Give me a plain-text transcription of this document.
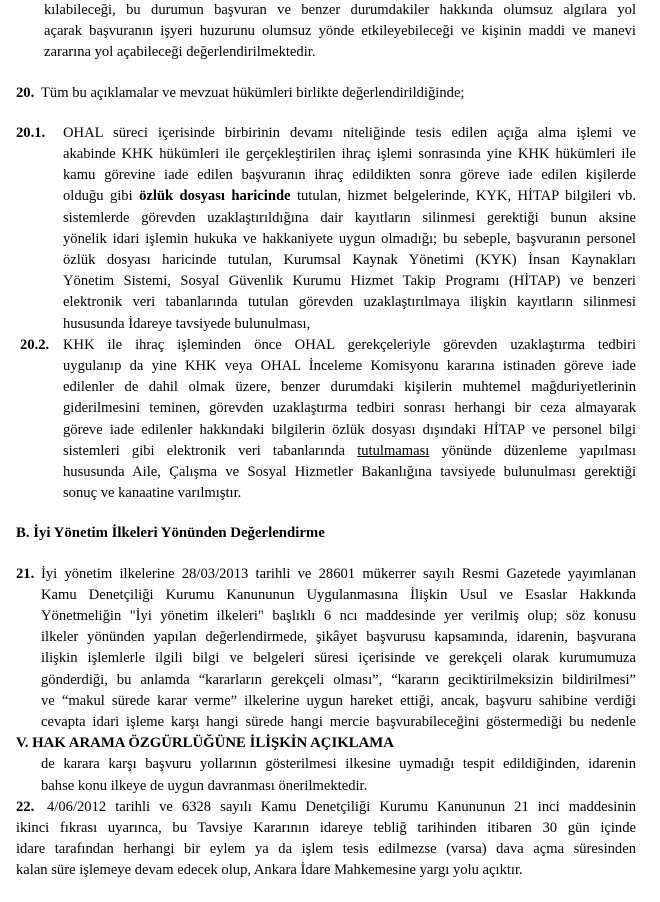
kılabileceği, bu durumun başvuran ve benzer durumdakiler hakkında olumsuz algılara yol

açarak başvuranın işyeri huzurunu olumsuz yönde etkileyebileceği ve kişinin maddi ve manevi

zararına yol açabileceği değerlendirilmektedir.

20. Tüm bu açıklamalar ve mevzuat hükümleri birlikte değerlendirildiğinde;

20.1. OHAL süreci içerisinde birbirinin devamı niteliğinde tesis edilen açığa alma işlemi ve

akabinde KHK hükümleri ile gerçekleştirilen ihraç işlemi sonrasında yine KHK hükümleri ile

kamu görevine iade edilen başvuranın ihraç edildikten sonra göreve iade edilen kişilerde

olduğu gibi özlük dosyası haricinde tutulan, hizmet belgelerinde, KYK, HİTAP bilgileri vb.

sistemlerde görevden uzaklaştırıldığına dair kayıtların silinmesi gerektiği bunun aksine

yönelik idari işlemin hukuka ve hakkaniyete uygun olmadığı; bu sebeple, başvuranın personel

özlük dosyası haricinde tutulan, Kurumsal Kaynak Yönetimi (KYK) İnsan Kaynakları

Yönetim Sistemi, Sosyal Güvenlik Kurumu Hizmet Takip Programı (HİTAP) ve benzeri

elektronik veri tabanlarında tutulan görevden uzaklaştırılmaya ilişkin kayıtların silinmesi

hususunda İdareye tavsiyede bulunulması,

20.2. KHK ile ihraç işleminden önce OHAL gerekçeleriyle görevden uzaklaştırma tedbiri

uygulanıp da yine KHK veya OHAL İnceleme Komisyonu kararına istinaden göreve iade

edilenler de dahil olmak üzere, benzer durumdaki kişilerin muhtemel mağduriyetlerinin

giderilmesini teminen, görevden uzaklaştırma tedbiri sonrası herhangi bir ceza almayarak

göreve iade edilenler hakkındaki bilgilerin özlük dosyası dışındaki HİTAP ve personel bilgi

sistemleri gibi elektronik veri tabanlarında tutulmaması yönünde düzenleme yapılması

hususunda Aile, Çalışma ve Sosyal Hizmetler Bakanlığına tavsiyede bulunulması gerektiği

sonuç ve kanaatine varılmıştır.

B. İyi Yönetim İlkeleri Yönünden Değerlendirme

21. İyi yönetim ilkelerine 28/03/2013 tarihli ve 28601 mükerrer sayılı Resmi Gazetede yayımlanan

Kamu Denetçiliği Kurumu Kanununun Uygulanmasına İlişkin Usul ve Esaslar Hakkında

Yönetmeliğin "İyi yönetim ilkeleri" başlıklı 6 ncı maddesinde yer verilmiş olup; söz konusu

ilkeler yönünden yapılan değerlendirmede, şikâyet başvurusu kapsamında, idarenin, başvurana

ilişkin işlemlerle ilgili bilgi ve belgeleri süresi içerisinde ve gerekçeli olarak kurumumuza

gönderdiği, bu anlamda “kararların gerekçeli olması”, “kararın geciktirilmeksizin bildirilmesi”

ve “makul sürede karar verme” ilkelerine uygun hareket ettiği, ancak, başvuru sahibine verdiği

cevapta idari işleme karşı hangi sürede hangi mercie başvurabileceğini göstermediği bu nedenle

de karara karşı başvuru yollarının gösterilmesi ilkesine uymadığı tespit edildiğinden, idarenin

bahse konu ilkeye de uygun davranması önerilmektedir.

V. HAK ARAMA ÖZGÜRLÜĞÜNE İLİŞKİN AÇIKLAMA

22. 4/06/2012 tarihli ve 6328 sayılı Kamu Denetçiliği Kurumu Kanununun 21 inci maddesinin

ikinci fıkrası uyarınca, bu Tavsiye Kararının idareye tebliğ tarihinden itibaren 30 gün içinde

idare tarafından herhangi bir eylem ya da işlem tesis edilmezse (varsa) dava açma süresinden

kalan süre işlemeye devam edecek olup, Ankara İdare Mahkemesine yargı yolu açıktır.
